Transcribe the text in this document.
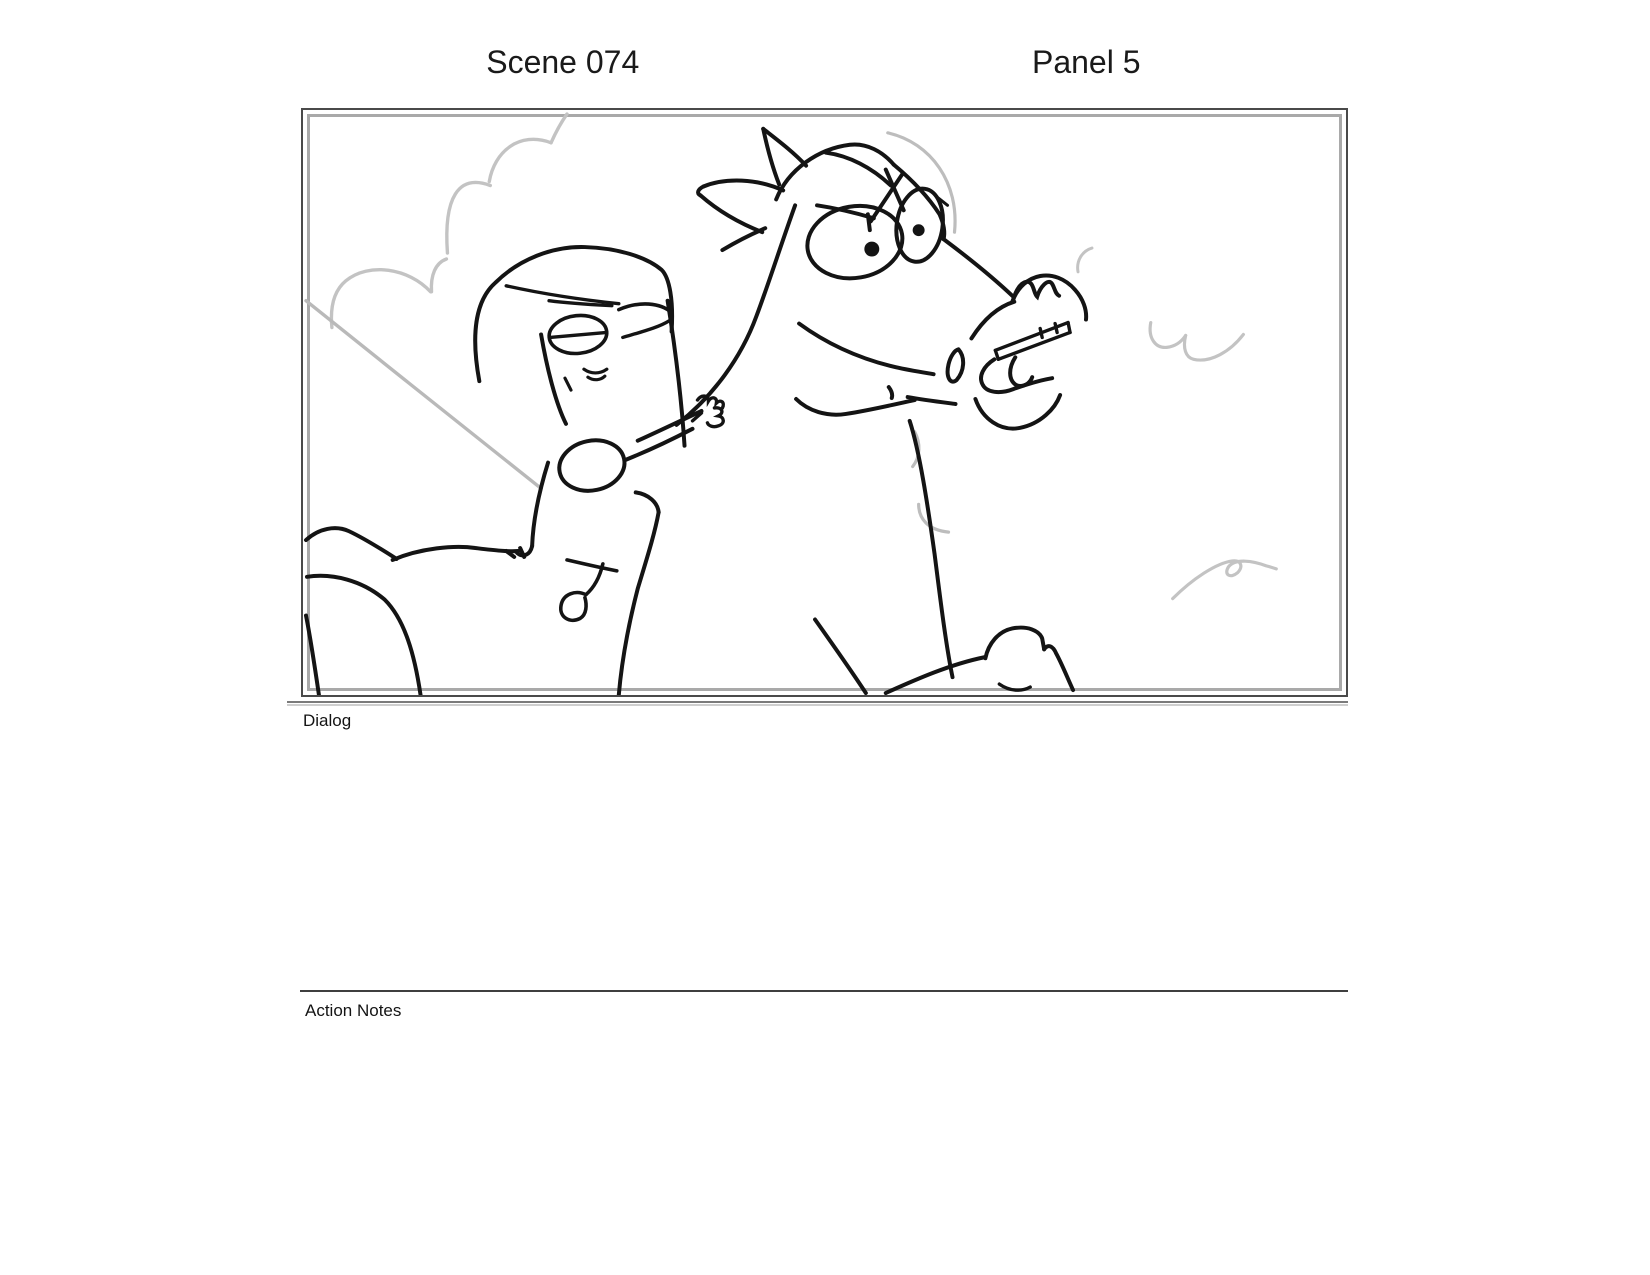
Scene 074	Panel 5
Dialog
Action Notes
